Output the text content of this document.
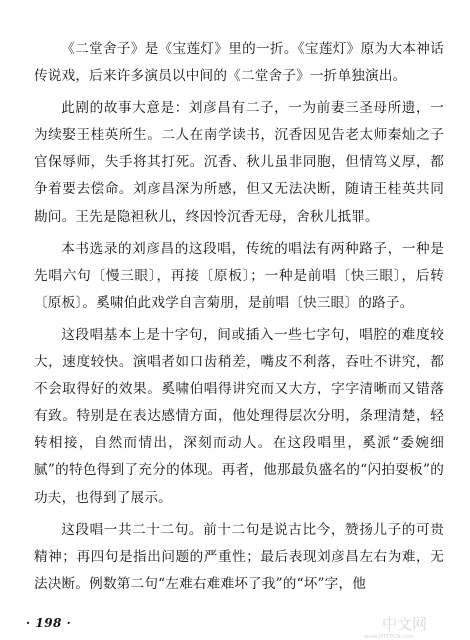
《二堂舍子》是《宝莲灯》里的一折。《宝莲灯》原为大本神话传说戏，后来许多演员以中间的《二堂舍子》一折单独演出。

此剧的故事大意是：刘彦昌有二子，一为前妻三圣母所遗，一为续娶王桂英所生。二人在南学读书，沉香因见告老太师秦灿之子官保辱师，失手将其打死。沉香、秋儿虽非同胞，但情笃义厚，都争着要去偿命。刘彦昌深为所感，但又无法决断，随请王桂英共同勘问。王先是隐袒秋儿，终因怜沉香无母，舍秋儿抵罪。

本书选录的刘彦昌的这段唱，传统的唱法有两种路子，一种是先唱六句〔慢三眼〕，再接〔原板〕；一种是前唱〔快三眼〕，后转〔原板〕。奚啸伯此戏学自言菊朋，是前唱〔快三眼〕的路子。

这段唱基本上是十字句，间或插入一些七字句，唱腔的难度较大，速度较快。演唱者如口齿稍差，嘴皮不利落，吞吐不讲究，都不会取得好的效果。奚啸伯唱得讲究而又大方，字字清晰而又错落有致。特别是在表达感情方面，他处理得层次分明，条理清楚，轻转相接，自然而情出，深刻而动人。在这段唱里，奚派“委婉细腻”的特色得到了充分的体现。再者，他那最负盛名的“闪拍耍板”的功夫，也得到了展示。

这段唱一共二十二句。前十二句是说古比今，赞扬儿子的可贵精神；再四句是指出问题的严重性；最后表现刘彦昌左右为难，无法决断。例数第二句“左难右难难坏了我”的“坏”字，他

· 198 ·	中文网
www.HTTPCN.com
